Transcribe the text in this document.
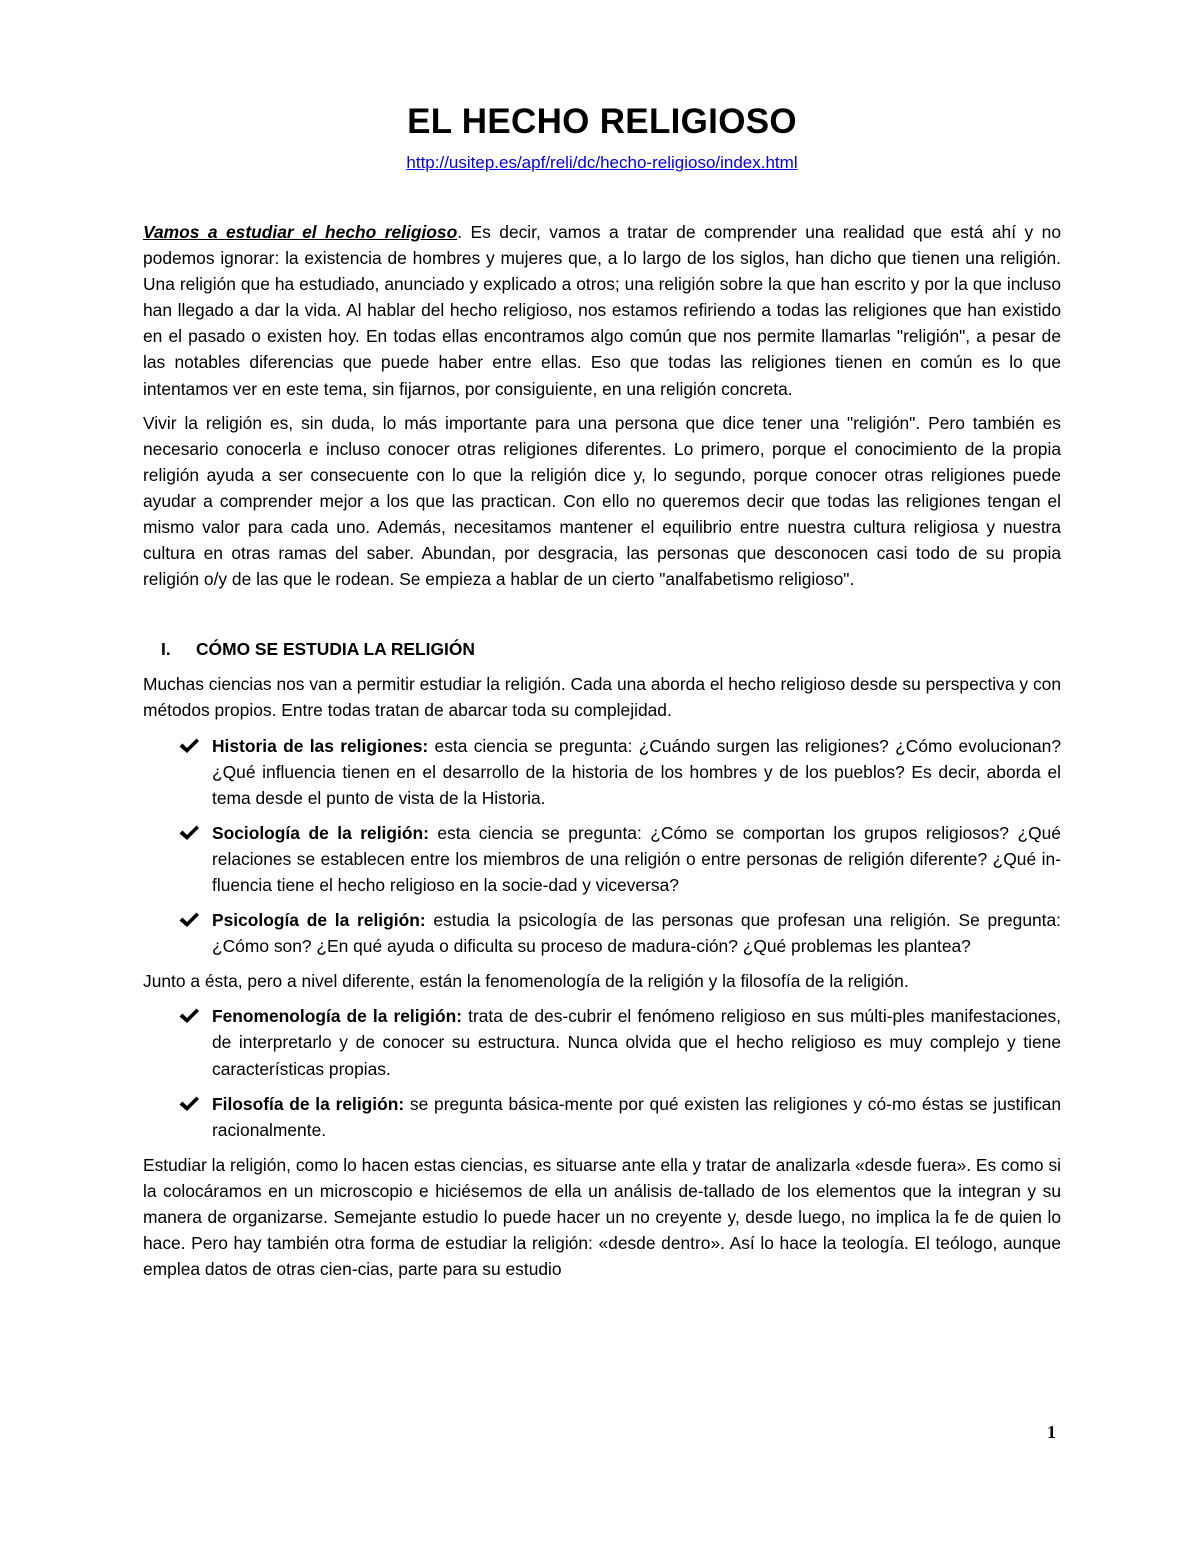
EL HECHO RELIGIOSO
http://usitep.es/apf/reli/dc/hecho-religioso/index.html

Vamos a estudiar el hecho religioso. Es decir, vamos a tratar de comprender una realidad que está ahí y no podemos ignorar: la existencia de hombres y mujeres que, a lo largo de los siglos, han dicho que tienen una religión. Una religión que ha estudiado, anunciado y explicado a otros; una religión sobre la que han escrito y por la que incluso han llegado a dar la vida. Al hablar del hecho religioso, nos estamos refiriendo a todas las religiones que han existido en el pasado o existen hoy. En todas ellas encontramos algo común que nos permite llamarlas "religión", a pesar de las notables diferencias que puede haber entre ellas. Eso que todas las religiones tienen en común es lo que intentamos ver en este tema, sin fijarnos, por consiguiente, en una religión concreta.

Vivir la religión es, sin duda, lo más importante para una persona que dice tener una "religión". Pero también es necesario conocerla e incluso conocer otras religiones diferentes. Lo primero, porque el conocimiento de la propia religión ayuda a ser consecuente con lo que la religión dice y, lo segundo, porque conocer otras religiones puede ayudar a comprender mejor a los que las practican. Con ello no queremos decir que todas las religiones tengan el mismo valor para cada uno. Además, necesitamos mantener el equilibrio entre nuestra cultura religiosa y nuestra cultura en otras ramas del saber. Abundan, por desgracia, las personas que desconocen casi todo de su propia religión o/y de las que le rodean. Se empieza a hablar de un cierto "analfabetismo religioso".

I.	CÓMO SE ESTUDIA LA RELIGIÓN

Muchas ciencias nos van a permitir estudiar la religión. Cada una aborda el hecho religioso desde su perspectiva y con métodos propios. Entre todas tratan de abarcar toda su complejidad.

Historia de las religiones: esta ciencia se pregunta: ¿Cuándo surgen las religiones? ¿Cómo evolucionan? ¿Qué influencia tienen en el desarrollo de la historia de los hombres y de los pueblos? Es decir, aborda el tema desde el punto de vista de la Historia.
Sociología de la religión: esta ciencia se pregunta: ¿Cómo se comportan los grupos religiosos? ¿Qué relaciones se establecen entre los miembros de una religión o entre personas de religión diferente? ¿Qué in-fluencia tiene el hecho religioso en la socie-dad y viceversa?
Psicología de la religión: estudia la psicología de las personas que profesan una religión. Se pregunta: ¿Cómo son? ¿En qué ayuda o dificulta su proceso de madura-ción? ¿Qué problemas les plantea?

Junto a ésta, pero a nivel diferente, están la fenomenología de la religión y la filosofía de la religión.

Fenomenología de la religión: trata de des-cubrir el fenómeno religioso en sus múlti-ples manifestaciones, de interpretarlo y de conocer su estructura. Nunca olvida que el hecho religioso es muy complejo y tiene características propias.
Filosofía de la religión: se pregunta básica-mente por qué existen las religiones y có-mo éstas se justifican racionalmente.

Estudiar la religión, como lo hacen estas ciencias, es situarse ante ella y tratar de analizarla «desde fuera». Es como si la colocáramos en un microscopio e hiciésemos de ella un análisis de-tallado de los elementos que la integran y su manera de organizarse. Semejante estudio lo puede hacer un no creyente y, desde luego, no implica la fe de quien lo hace. Pero hay también otra forma de estudiar la religión: «desde dentro». Así lo hace la teología. El teólogo, aunque emplea datos de otras cien-cias, parte para su estudio

1
